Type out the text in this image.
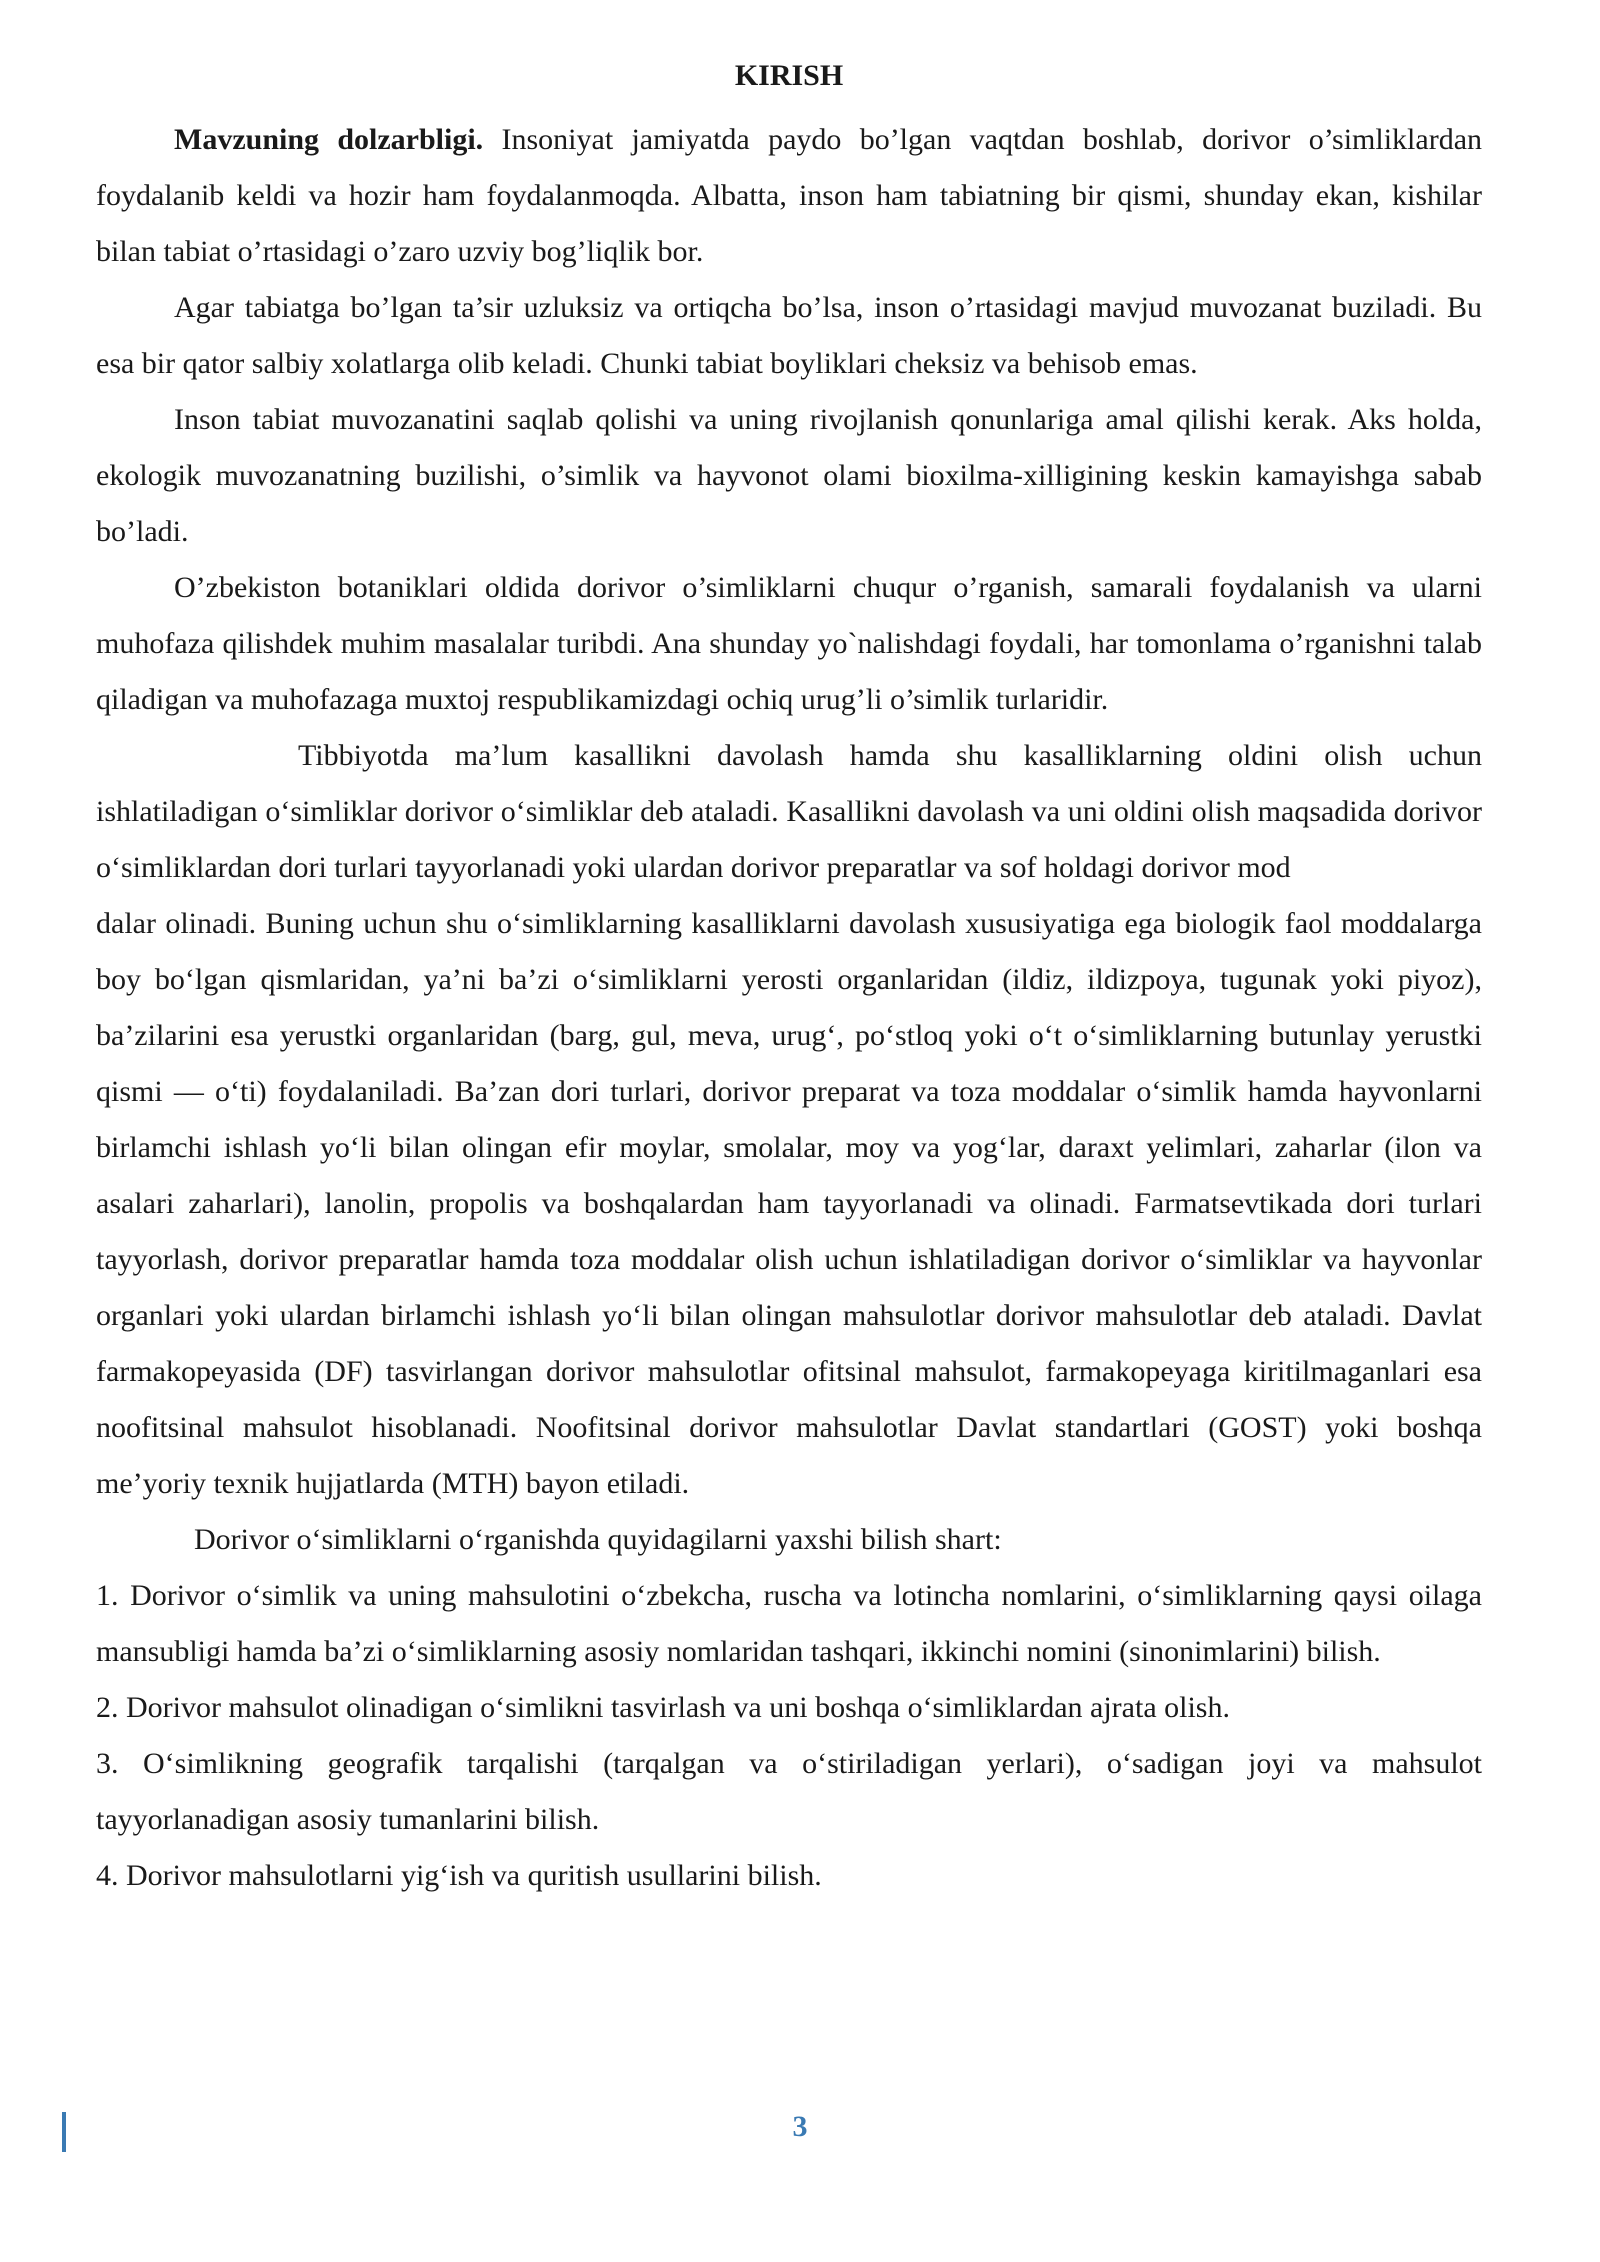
KIRISH

Mavzuning dolzarbligi. Insoniyat jamiyatda paydo bo’lgan vaqtdan boshlab, dorivor o’simliklardan foydalanib keldi va hozir ham foydalanmoqda. Albatta, inson ham tabiatning bir qismi, shunday ekan, kishilar bilan tabiat o’rtasidagi o’zaro uzviy bog’liqlik bor.

Agar tabiatga bo’lgan ta’sir uzluksiz va ortiqcha bo’lsa, inson o’rtasidagi mavjud muvozanat buziladi. Bu esa bir qator salbiy xolatlarga olib keladi. Chunki tabiat boyliklari cheksiz va behisob emas.

Inson tabiat muvozanatini saqlab qolishi va uning rivojlanish qonunlariga amal qilishi kerak. Aks holda, ekologik muvozanatning buzilishi, o’simlik va hayvonot olami bioxilma-xilligining keskin kamayishga sabab bo’ladi.

O’zbekiston botaniklari oldida dorivor o’simliklarni chuqur o’rganish, samarali foydalanish va ularni muhofaza qilishdek muhim masalalar turibdi. Ana shunday yo`nalishdagi foydali, har tomonlama o’rganishni talab qiladigan va muhofazaga muxtoj respublikamizdagi ochiq urug’li o’simlik turlaridir.

Tibbiyotda ma’lum kasallikni davolash hamda shu kasalliklarning oldini olish uchun ishlatiladigan oʻsimliklar dorivor oʻsimliklar deb ataladi. Kasallikni davolash va uni oldini olish maqsadida dorivor oʻsimliklardan dori turlari tayyorlanadi yoki ulardan dorivor preparatlar va sof holdagi dorivor mod

dalar olinadi. Buning uchun shu oʻsimliklarning kasalliklarni davolash xususiyatiga ega biologik faol moddalarga boy boʻlgan qismlaridan, ya’ni ba’zi oʻsimliklarni yerosti organlaridan (ildiz, ildizpoya, tugunak yoki piyoz), ba’zilarini esa yerustki organlaridan (barg, gul, meva, urugʻ, poʻstloq yoki oʻt oʻsimliklarning butunlay yerustki qismi — oʻti) foydalaniladi. Ba’zan dori turlari, dorivor preparat va toza moddalar oʻsimlik hamda hayvonlarni birlamchi ishlash yoʻli bilan olingan efir moylar, smolalar, moy va yogʻlar, daraxt yelimlari, zaharlar (ilon va asalari zaharlari), lanolin, propolis va boshqalardan ham tayyorlanadi va olinadi. Farmatsevtikada dori turlari tayyorlash, dorivor preparatlar hamda toza moddalar olish uchun ishlatiladigan dorivor oʻsimliklar va hayvonlar organlari yoki ulardan birlamchi ishlash yoʻli bilan olingan mahsulotlar dorivor mahsulotlar deb ataladi. Davlat farmakopeyasida (DF) tasvirlangan dorivor mahsulotlar ofitsinal mahsulot, farmakopeyaga kiritilmaganlari esa noofitsinal mahsulot hisoblanadi. Noofitsinal dorivor mahsulotlar Davlat standartlari (GOST) yoki boshqa me’yoriy texnik hujjatlarda (MTH) bayon etiladi.

Dorivor oʻsimliklarni oʻrganishda quyidagilarni yaxshi bilish shart:

1. Dorivor oʻsimlik va uning mahsulotini oʻzbekcha, ruscha va lotincha nomlarini, oʻsimliklarning qaysi oilaga mansubligi hamda ba’zi oʻsimliklarning asosiy nomlaridan tashqari, ikkinchi nomini (sinonimlarini) bilish.

2. Dorivor mahsulot olinadigan oʻsimlikni tasvirlash va uni boshqa oʻsimliklardan ajrata olish.

3. Oʻsimlikning geografik tarqalishi (tarqalgan va oʻstiriladigan yerlari), oʻsadigan joyi va mahsulot tayyorlanadigan asosiy tumanlarini bilish.

4. Dorivor mahsulotlarni yigʻish va quritish usullarini bilish.

3
